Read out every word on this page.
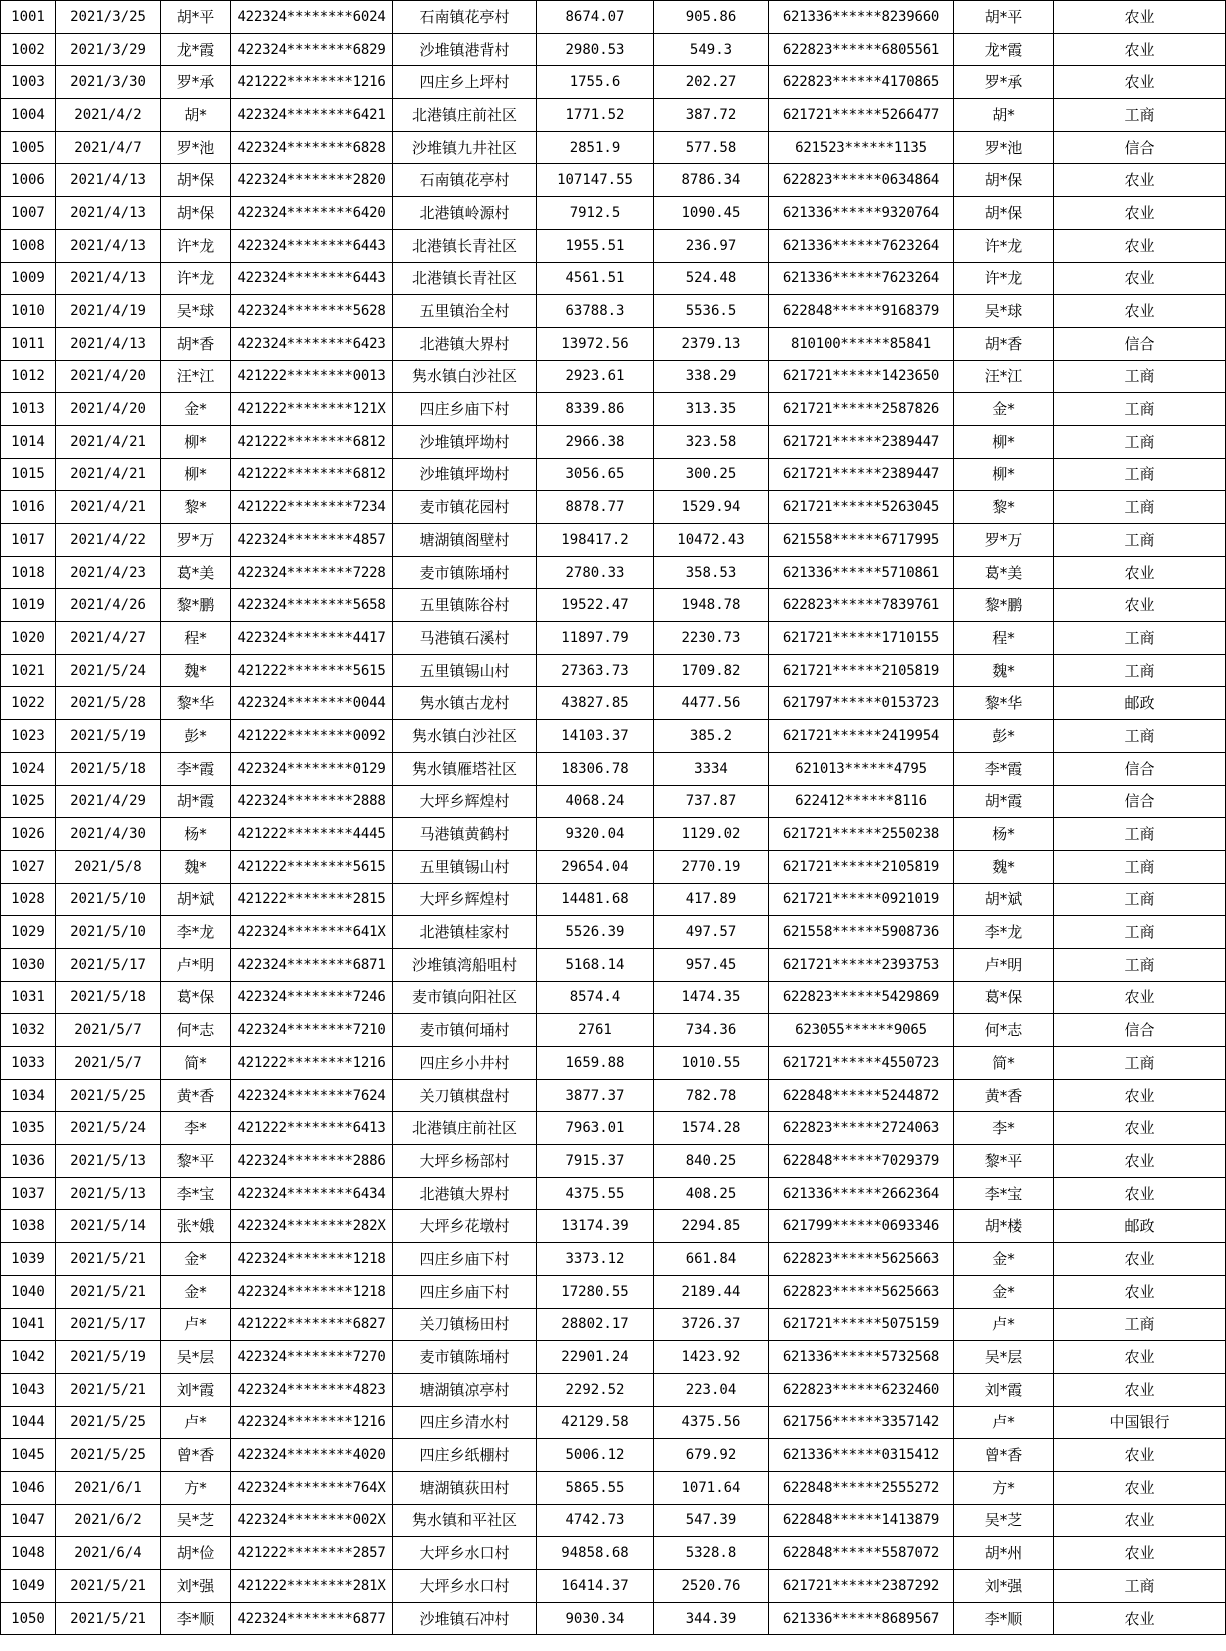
1001	2021/3/25	胡*平	422324********6024	石南镇花亭村	8674.07	905.86	621336******8239660	胡*平	农业
1002	2021/3/29	龙*霞	422324********6829	沙堆镇港背村	2980.53	549.3	622823******6805561	龙*霞	农业
1003	2021/3/30	罗*承	421222********1216	四庄乡上坪村	1755.6	202.27	622823******4170865	罗*承	农业
1004	2021/4/2	胡*	422324********6421	北港镇庄前社区	1771.52	387.72	621721******5266477	胡*	工商
1005	2021/4/7	罗*池	422324********6828	沙堆镇九井社区	2851.9	577.58	621523******1135	罗*池	信合
1006	2021/4/13	胡*保	422324********2820	石南镇花亭村	107147.55	8786.34	622823******0634864	胡*保	农业
1007	2021/4/13	胡*保	422324********6420	北港镇岭源村	7912.5	1090.45	621336******9320764	胡*保	农业
1008	2021/4/13	许*龙	422324********6443	北港镇长青社区	1955.51	236.97	621336******7623264	许*龙	农业
1009	2021/4/13	许*龙	422324********6443	北港镇长青社区	4561.51	524.48	621336******7623264	许*龙	农业
1010	2021/4/19	吴*球	422324********5628	五里镇治全村	63788.3	5536.5	622848******9168379	吴*球	农业
1011	2021/4/13	胡*香	422324********6423	北港镇大界村	13972.56	2379.13	810100******85841	胡*香	信合
1012	2021/4/20	汪*江	421222********0013	隽水镇白沙社区	2923.61	338.29	621721******1423650	汪*江	工商
1013	2021/4/20	金*	421222********121X	四庄乡庙下村	8339.86	313.35	621721******2587826	金*	工商
1014	2021/4/21	柳*	421222********6812	沙堆镇坪坳村	2966.38	323.58	621721******2389447	柳*	工商
1015	2021/4/21	柳*	421222********6812	沙堆镇坪坳村	3056.65	300.25	621721******2389447	柳*	工商
1016	2021/4/21	黎*	421222********7234	麦市镇花园村	8878.77	1529.94	621721******5263045	黎*	工商
1017	2021/4/22	罗*万	422324********4857	塘湖镇阁壁村	198417.2	10472.43	621558******6717995	罗*万	工商
1018	2021/4/23	葛*美	422324********7228	麦市镇陈埇村	2780.33	358.53	621336******5710861	葛*美	农业
1019	2021/4/26	黎*鹏	422324********5658	五里镇陈谷村	19522.47	1948.78	622823******7839761	黎*鹏	农业
1020	2021/4/27	程*	422324********4417	马港镇石溪村	11897.79	2230.73	621721******1710155	程*	工商
1021	2021/5/24	魏*	421222********5615	五里镇锡山村	27363.73	1709.82	621721******2105819	魏*	工商
1022	2021/5/28	黎*华	422324********0044	隽水镇古龙村	43827.85	4477.56	621797******0153723	黎*华	邮政
1023	2021/5/19	彭*	421222********0092	隽水镇白沙社区	14103.37	385.2	621721******2419954	彭*	工商
1024	2021/5/18	李*霞	422324********0129	隽水镇雁塔社区	18306.78	3334	621013******4795	李*霞	信合
1025	2021/4/29	胡*霞	422324********2888	大坪乡辉煌村	4068.24	737.87	622412******8116	胡*霞	信合
1026	2021/4/30	杨*	421222********4445	马港镇黄鹤村	9320.04	1129.02	621721******2550238	杨*	工商
1027	2021/5/8	魏*	421222********5615	五里镇锡山村	29654.04	2770.19	621721******2105819	魏*	工商
1028	2021/5/10	胡*斌	421222********2815	大坪乡辉煌村	14481.68	417.89	621721******0921019	胡*斌	工商
1029	2021/5/10	李*龙	422324********641X	北港镇桂家村	5526.39	497.57	621558******5908736	李*龙	工商
1030	2021/5/17	卢*明	422324********6871	沙堆镇湾船咀村	5168.14	957.45	621721******2393753	卢*明	工商
1031	2021/5/18	葛*保	422324********7246	麦市镇向阳社区	8574.4	1474.35	622823******5429869	葛*保	农业
1032	2021/5/7	何*志	422324********7210	麦市镇何埇村	2761	734.36	623055******9065	何*志	信合
1033	2021/5/7	简*	421222********1216	四庄乡小井村	1659.88	1010.55	621721******4550723	简*	工商
1034	2021/5/25	黄*香	422324********7624	关刀镇棋盘村	3877.37	782.78	622848******5244872	黄*香	农业
1035	2021/5/24	李*	421222********6413	北港镇庄前社区	7963.01	1574.28	622823******2724063	李*	农业
1036	2021/5/13	黎*平	422324********2886	大坪乡杨部村	7915.37	840.25	622848******7029379	黎*平	农业
1037	2021/5/13	李*宝	422324********6434	北港镇大界村	4375.55	408.25	621336******2662364	李*宝	农业
1038	2021/5/14	张*娥	422324********282X	大坪乡花墩村	13174.39	2294.85	621799******0693346	胡*楼	邮政
1039	2021/5/21	金*	422324********1218	四庄乡庙下村	3373.12	661.84	622823******5625663	金*	农业
1040	2021/5/21	金*	422324********1218	四庄乡庙下村	17280.55	2189.44	622823******5625663	金*	农业
1041	2021/5/17	卢*	421222********6827	关刀镇杨田村	28802.17	3726.37	621721******5075159	卢*	工商
1042	2021/5/19	吴*层	422324********7270	麦市镇陈埇村	22901.24	1423.92	621336******5732568	吴*层	农业
1043	2021/5/21	刘*霞	422324********4823	塘湖镇凉亭村	2292.52	223.04	622823******6232460	刘*霞	农业
1044	2021/5/25	卢*	422324********1216	四庄乡清水村	42129.58	4375.56	621756******3357142	卢*	中国银行
1045	2021/5/25	曾*香	422324********4020	四庄乡纸棚村	5006.12	679.92	621336******0315412	曾*香	农业
1046	2021/6/1	方*	422324********764X	塘湖镇荻田村	5865.55	1071.64	622848******2555272	方*	农业
1047	2021/6/2	吴*芝	422324********002X	隽水镇和平社区	4742.73	547.39	622848******1413879	吴*芝	农业
1048	2021/6/4	胡*俭	421222********2857	大坪乡水口村	94858.68	5328.8	622848******5587072	胡*州	农业
1049	2021/5/21	刘*强	421222********281X	大坪乡水口村	16414.37	2520.76	621721******2387292	刘*强	工商
1050	2021/5/21	李*顺	422324********6877	沙堆镇石冲村	9030.34	344.39	621336******8689567	李*顺	农业
